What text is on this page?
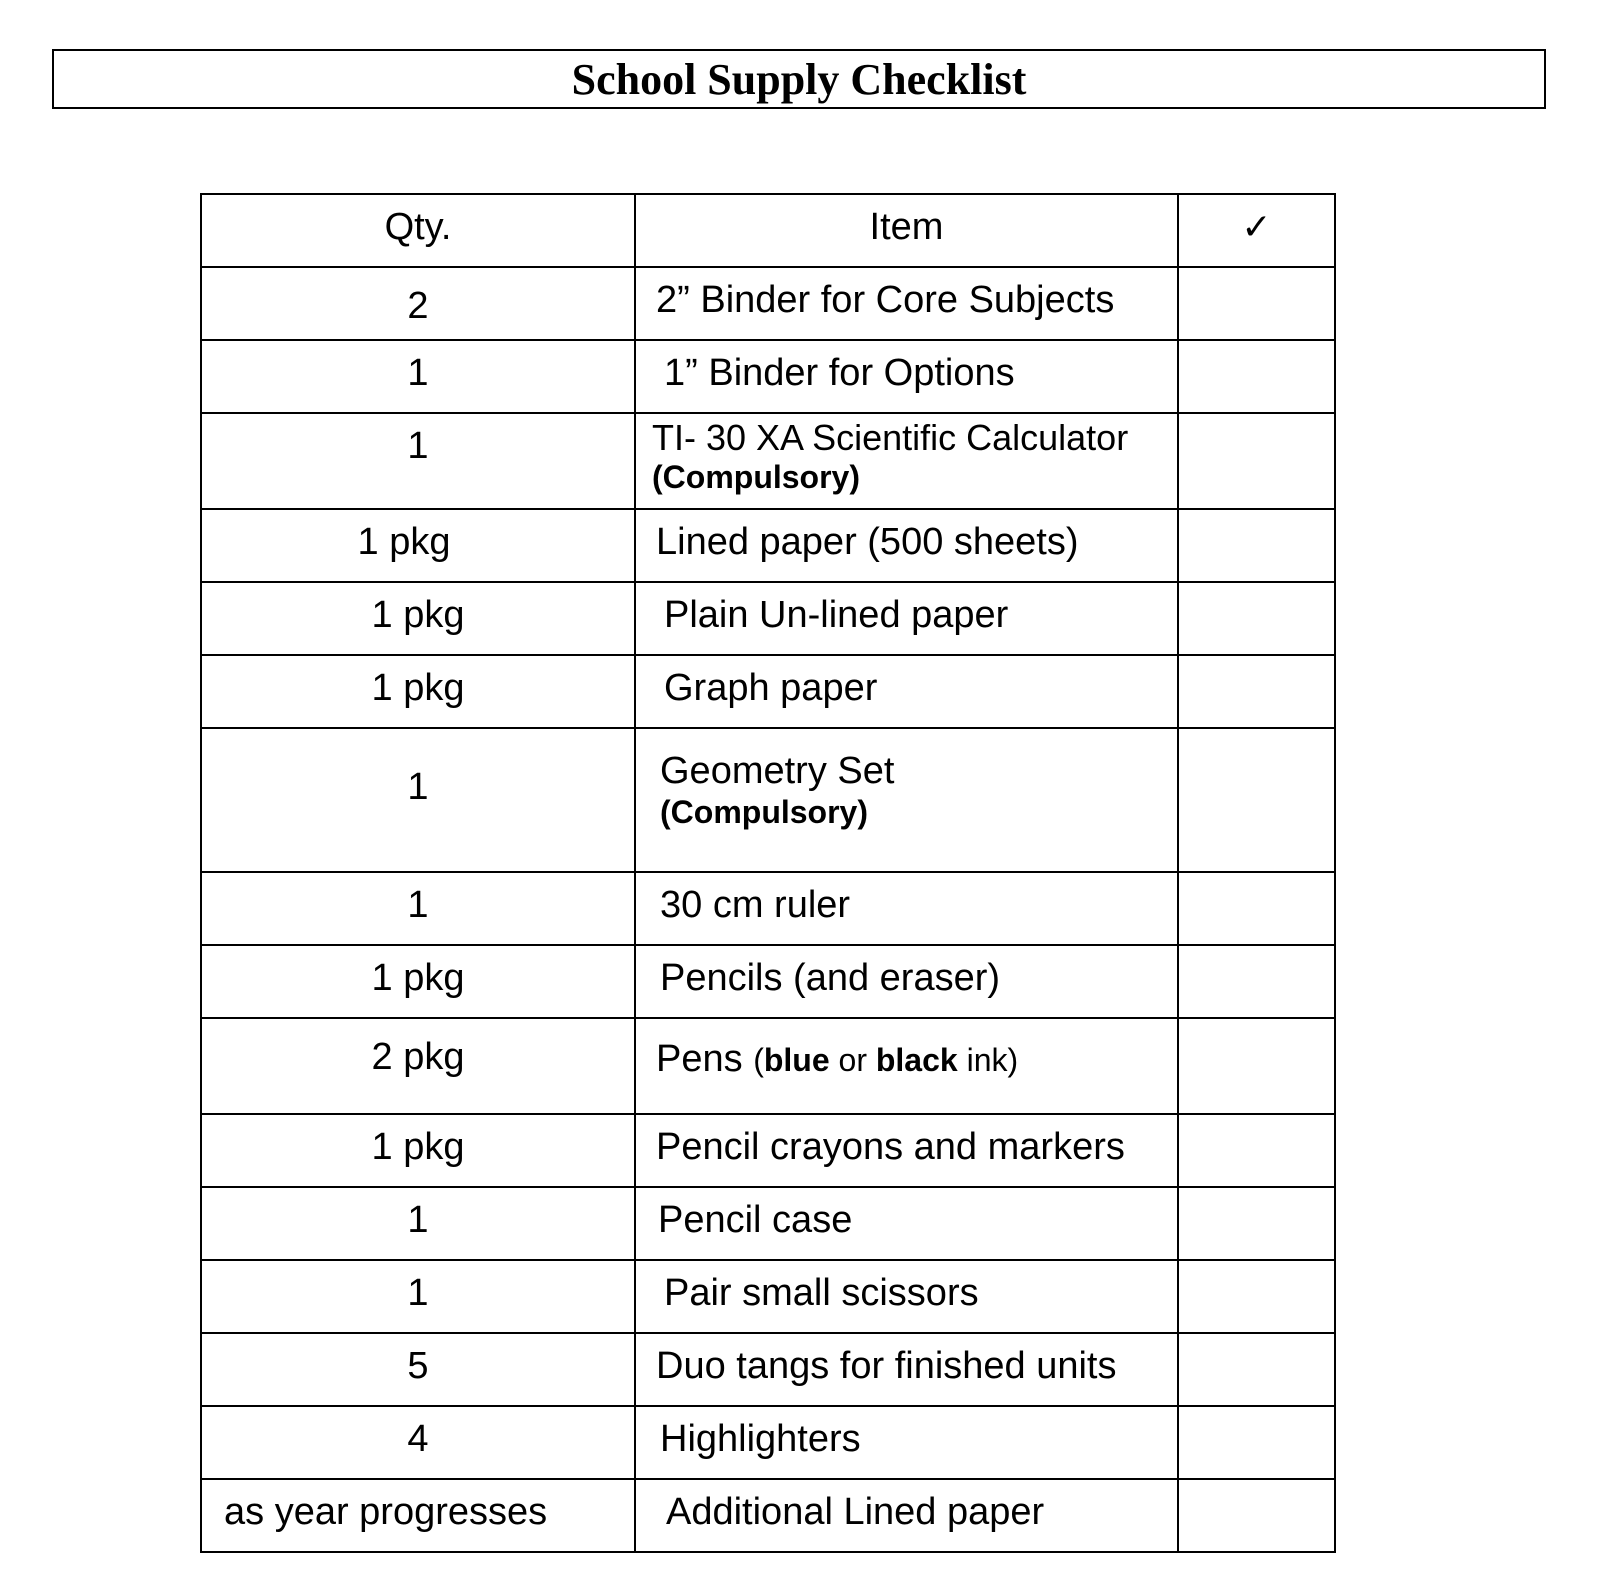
School Supply Checklist
Qty.	Item	✓

2	2” Binder for Core Subjects	

1	1” Binder for Options	

1	TI- 30 XA Scientific Calculator
(Compulsory)	

1 pkg	Lined paper (500 sheets)	

1 pkg	Plain Un-lined paper	

1 pkg	Graph paper	

1	Geometry Set
(Compulsory)	

1	30 cm ruler	

1 pkg	Pencils (and eraser)	

2 pkg	Pens (blue or black ink)	

1 pkg	Pencil crayons and markers	

1	Pencil case	

1	Pair small scissors	

5	Duo tangs for finished units	

4	Highlighters	

as year progresses	Additional Lined paper	
